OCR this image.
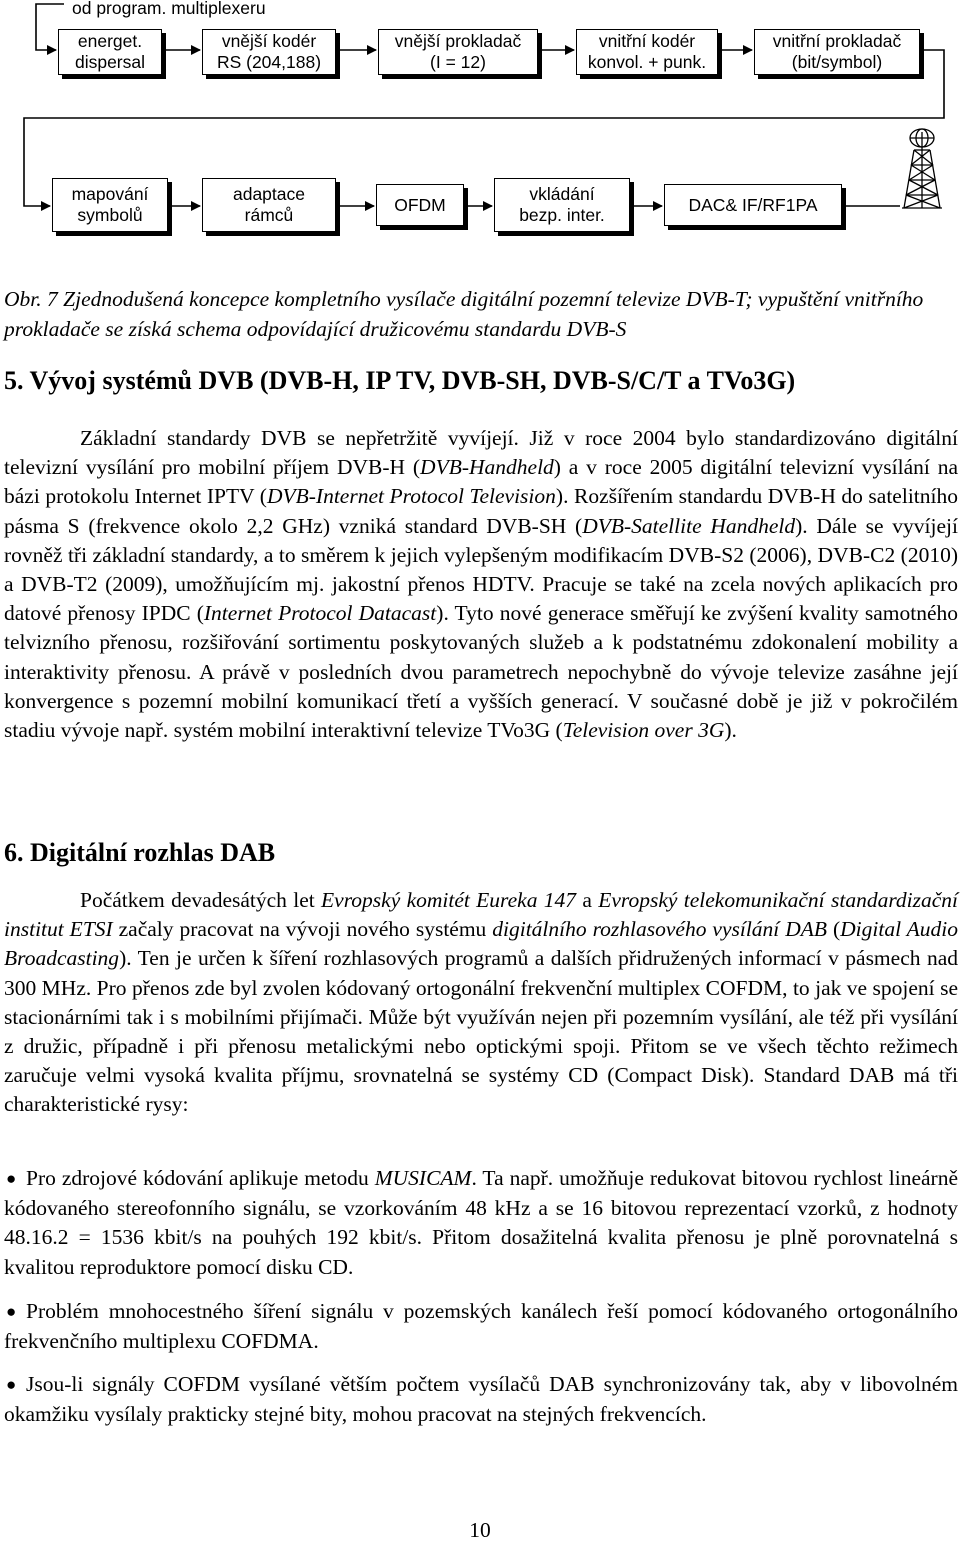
od program. multiplexeru
energet.
dispersal
vnější kodér
RS (204,188)
vnější prokladač
(I = 12)
vnitřní kodér
konvol. + punk.
vnitřní prokladač
(bit/symbol)
mapování
symbolů
adaptace
rámců
OFDM
vkládání
bezp. inter.
DAC& IF/RF1PA

Obr. 7 Zjednodušená koncepce kompletního vysílače digitální pozemní televize DVB-T; vypuštění vnitřního prokladače se získá schema odpovídající družicovému standardu DVB-S

5. Vývoj systémů DVB (DVB-H, IP TV, DVB-SH, DVB-S/C/T a TVo3G)

Základní standardy DVB se nepřetržitě vyvíjejí. Již v roce 2004 bylo standardizováno digitální televizní vysílání pro mobilní příjem DVB-H (DVB-Handheld) a v roce 2005 digitální televizní vysílání na bázi protokolu Internet IPTV (DVB-Internet Protocol Television). Rozšířením standardu DVB-H do satelitního pásma S (frekvence okolo 2,2 GHz) vzniká standard DVB-SH (DVB-Satellite Handheld). Dále se vyvíjejí rovněž tři základní standardy, a to směrem k jejich vylepšeným modifikacím DVB-S2 (2006), DVB-C2 (2010) a DVB-T2 (2009), umožňujícím mj. jakostní přenos HDTV. Pracuje se také na zcela nových aplikacích pro datové přenosy IPDC (Internet Protocol Datacast). Tyto nové generace směřují ke zvýšení kvality samotného telvizního přenosu, rozšiřování sortimentu poskytovaných služeb a k podstatnému zdokonalení mobility a interaktivity přenosu. A právě v posledních dvou parametrech nepochybně do vývoje televize zasáhne její konvergence s pozemní mobilní komunikací třetí a vyšších generací. V současné době je již v pokročilém stadiu vývoje např. systém mobilní interaktivní televize TVo3G (Television over 3G).

6. Digitální rozhlas DAB

Počátkem devadesátých let Evropský komitét Eureka 147 a Evropský telekomunikační standardizační institut ETSI začaly pracovat na vývoji nového systému digitálního rozhlasového vysílání DAB (Digital Audio Broadcasting). Ten je určen k šíření rozhlasových programů a dalších přidružených informací v pásmech nad 300 MHz. Pro přenos zde byl zvolen kódovaný ortogonální frekvenční multiplex COFDM, to jak ve spojení se stacionárními tak i s mobilními přijímači. Může být využíván nejen při pozemním vysílání, ale též při vysílání z družic, případně i při přenosu metalickými nebo optickými spoji. Přitom se ve všech těchto režimech zaručuje velmi vysoká kvalita příjmu, srovnatelná se systémy CD (Compact Disk). Standard DAB má tři charakteristické rysy:

● Pro zdrojové kódování aplikuje metodu MUSICAM. Ta např. umožňuje redukovat bitovou rychlost lineárně kódovaného stereofonního signálu, se vzorkováním 48 kHz a se 16 bitovou reprezentací vzorků, z hodnoty 48.16.2 = 1536 kbit/s na pouhých 192 kbit/s. Přitom dosažitelná kvalita přenosu je plně porovnatelná s kvalitou reproduktore pomocí disku CD.

● Problém mnohocestného šíření signálu v pozemských kanálech řeší pomocí kódovaného ortogonálního frekvenčního multiplexu COFDMA.

● Jsou-li signály COFDM vysílané větším počtem vysílačů DAB synchronizovány tak, aby v libovolném okamžiku vysílaly prakticky stejné bity, mohou pracovat na stejných frekvencích.

10
